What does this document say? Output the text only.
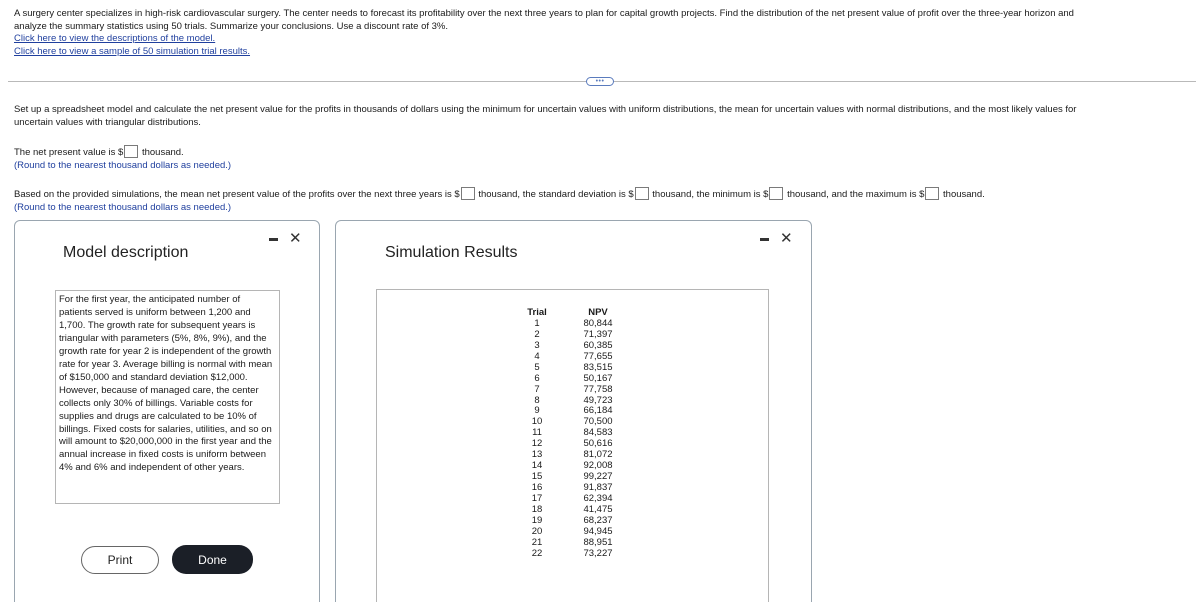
A surgery center specializes in high-risk cardiovascular surgery. The center needs to forecast its profitability over the next three years to plan for capital growth projects. Find the distribution of the net present value of profit over the three-year horizon and
analyze the summary statistics using 50 trials. Summarize your conclusions. Use a discount rate of 3%.
Click here to view the descriptions of the model.
Click here to view a sample of 50 simulation trial results.
•••
Set up a spreadsheet model and calculate the net present value for the profits in thousands of dollars using the minimum for uncertain values with uniform distributions, the mean for uncertain values with normal distributions, and the most likely values for
uncertain values with triangular distributions.
The net present value is $ thousand.
(Round to the nearest thousand dollars as needed.)
Based on the provided simulations, the mean net present value of the profits over the next three years is $ thousand, the standard deviation is $ thousand, the minimum is $ thousand, and the maximum is $ thousand.
(Round to the nearest thousand dollars as needed.)
Model description
✕

For the first year, the anticipated number of patients served is uniform between 1,200 and 1,700. The growth rate for subsequent years is triangular with parameters (5%, 8%, 9%), and the growth rate for year 2 is independent of the growth rate for year 3. Average billing is normal with mean of $150,000 and standard deviation $12,000. However, because of managed care, the center collects only 30% of billings. Variable costs for supplies and drugs are calculated to be 10% of billings. Fixed costs for salaries, utilities, and so on will amount to $20,000,000 in the first year and the annual increase in fixed costs is uniform between 4% and 6% and independent of other years.

Print	Done
Simulation Results
✕
Trial
1
2
3
4
5
6
7
8
9
10
11
12
13
14
15
16
17
18
19
20
21
22
NPV
80,844
71,397
60,385
77,655
83,515
50,167
77,758
49,723
66,184
70,500
84,583
50,616
81,072
92,008
99,227
91,837
62,394
41,475
68,237
94,945
88,951
73,227
